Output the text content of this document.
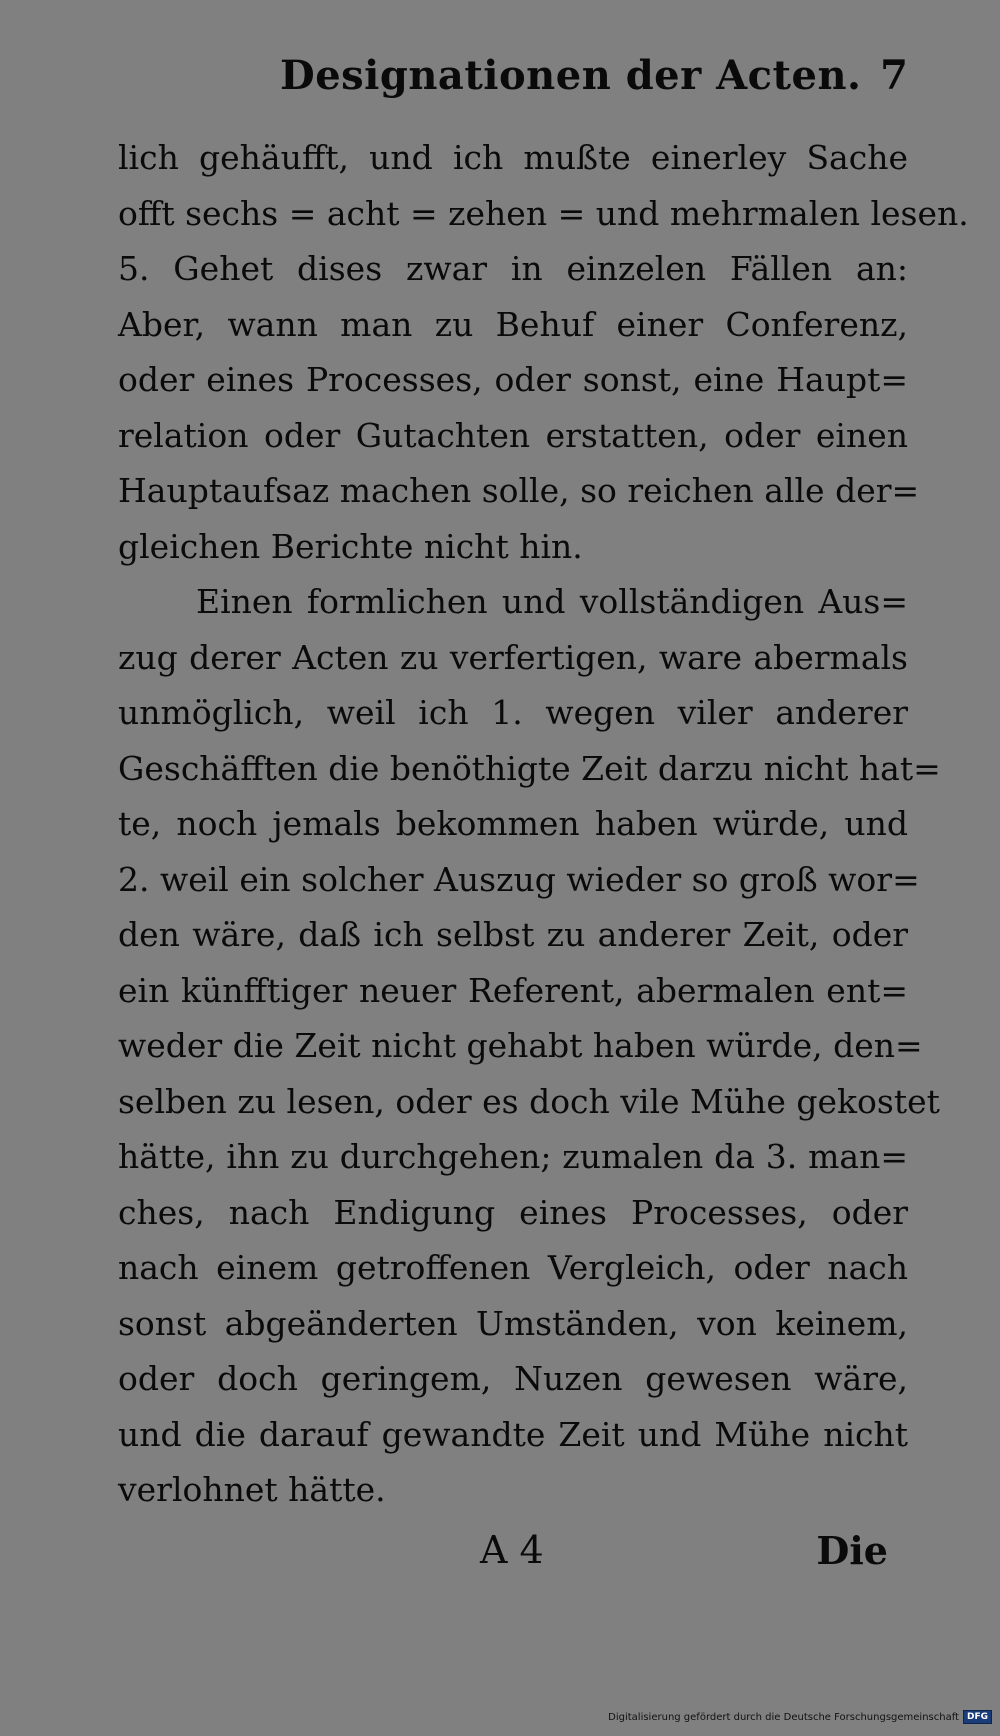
Designationen der Acten. 7
lich gehäufft, und ich mußte einerley Sache
offt sechs = acht = zehen = und mehrmalen lesen.
5. Gehet dises zwar in einzelen Fällen an:
Aber, wann man zu Behuf einer Conferenz,
oder eines Processes, oder sonst, eine Haupt=
relation oder Gutachten erstatten, oder einen
Hauptaufsaz machen solle, so reichen alle der=
gleichen Berichte nicht hin.
Einen formlichen und vollständigen Aus=
zug derer Acten zu verfertigen, ware abermals
unmöglich, weil ich 1. wegen viler anderer
Geschäfften die benöthigte Zeit darzu nicht hat=
te, noch jemals bekommen haben würde, und
2. weil ein solcher Auszug wieder so groß wor=
den wäre, daß ich selbst zu anderer Zeit, oder
ein künfftiger neuer Referent, abermalen ent=
weder die Zeit nicht gehabt haben würde, den=
selben zu lesen, oder es doch vile Mühe gekostet
hätte, ihn zu durchgehen; zumalen da 3. man=
ches, nach Endigung eines Processes, oder
nach einem getroffenen Vergleich, oder nach
sonst abgeänderten Umständen, von keinem,
oder doch geringem, Nuzen gewesen wäre,
und die darauf gewandte Zeit und Mühe nicht
verlohnet hätte.
A 4	Die
Digitalisierung gefördert durch die Deutsche Forschungsgemeinschaft DFG
